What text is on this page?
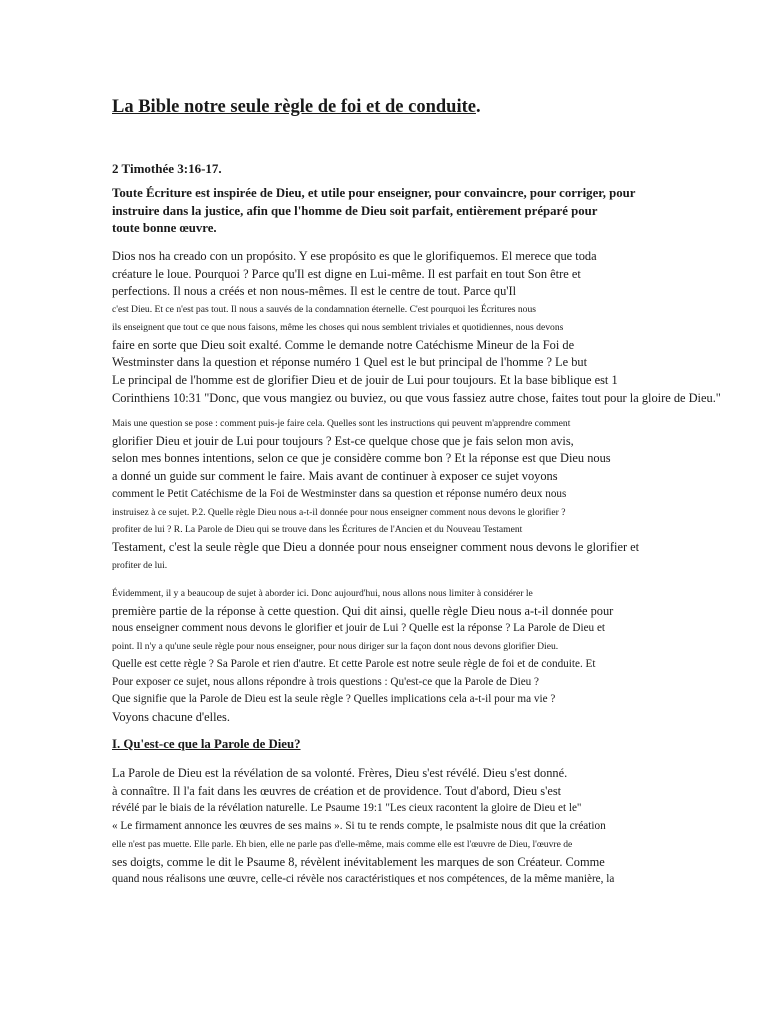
La Bible notre seule règle de foi et de conduite.

2 Timothée 3:16-17.

Toute Écriture est inspirée de Dieu, et utile pour enseigner, pour convaincre, pour corriger, pour
instruire dans la justice, afin que l'homme de Dieu soit parfait, entièrement préparé pour
toute bonne œuvre.
Dios nos ha creado con un propósito. Y ese propósito es que le glorifiquemos. El merece que toda
créature le loue. Pourquoi ? Parce qu'Il est digne en Lui-même. Il est parfait en tout Son être et
perfections. Il nous a créés et non nous-mêmes. Il est le centre de tout. Parce qu'Il
c'est Dieu. Et ce n'est pas tout. Il nous a sauvés de la condamnation éternelle. C'est pourquoi les Écritures nous
ils enseignent que tout ce que nous faisons, même les choses qui nous semblent triviales et quotidiennes, nous devons
faire en sorte que Dieu soit exalté. Comme le demande notre Catéchisme Mineur de la Foi de
Westminster dans la question et réponse numéro 1 Quel est le but principal de l'homme ? Le but
Le principal de l'homme est de glorifier Dieu et de jouir de Lui pour toujours. Et la base biblique est 1
Corinthiens 10:31 "Donc, que vous mangiez ou buviez, ou que vous fassiez autre chose, faites tout pour la gloire de Dieu."
Mais une question se pose : comment puis-je faire cela. Quelles sont les instructions qui peuvent m'apprendre comment
glorifier Dieu et jouir de Lui pour toujours ? Est-ce quelque chose que je fais selon mon avis,
selon mes bonnes intentions, selon ce que je considère comme bon ? Et la réponse est que Dieu nous
a donné un guide sur comment le faire. Mais avant de continuer à exposer ce sujet voyons
comment le Petit Catéchisme de la Foi de Westminster dans sa question et réponse numéro deux nous
instruisez à ce sujet. P.2. Quelle règle Dieu nous a-t-il donnée pour nous enseigner comment nous devons le glorifier ?
profiter de lui ? R. La Parole de Dieu qui se trouve dans les Écritures de l'Ancien et du Nouveau Testament
Testament, c'est la seule règle que Dieu a donnée pour nous enseigner comment nous devons le glorifier et
profiter de lui.
Évidemment, il y a beaucoup de sujet à aborder ici. Donc aujourd'hui, nous allons nous limiter à considérer le
première partie de la réponse à cette question. Qui dit ainsi, quelle règle Dieu nous a-t-il donnée pour
nous enseigner comment nous devons le glorifier et jouir de Lui ? Quelle est la réponse ? La Parole de Dieu et
point. Il n'y a qu'une seule règle pour nous enseigner, pour nous diriger sur la façon dont nous devons glorifier Dieu.
Quelle est cette règle ? Sa Parole et rien d'autre. Et cette Parole est notre seule règle de foi et de conduite. Et
Pour exposer ce sujet, nous allons répondre à trois questions : Qu'est-ce que la Parole de Dieu ?
Que signifie que la Parole de Dieu est la seule règle ? Quelles implications cela a-t-il pour ma vie ?
Voyons chacune d'elles.

I. Qu'est-ce que la Parole de Dieu?

La Parole de Dieu est la révélation de sa volonté. Frères, Dieu s'est révélé. Dieu s'est donné.
à connaître. Il l'a fait dans les œuvres de création et de providence. Tout d'abord, Dieu s'est
révélé par le biais de la révélation naturelle. Le Psaume 19:1 "Les cieux racontent la gloire de Dieu et le"
« Le firmament annonce les œuvres de ses mains ». Si tu te rends compte, le psalmiste nous dit que la création
elle n'est pas muette. Elle parle. Eh bien, elle ne parle pas d'elle-même, mais comme elle est l'œuvre de Dieu, l'œuvre de
ses doigts, comme le dit le Psaume 8, révèlent inévitablement les marques de son Créateur. Comme
quand nous réalisons une œuvre, celle-ci révèle nos caractéristiques et nos compétences, de la même manière, la
